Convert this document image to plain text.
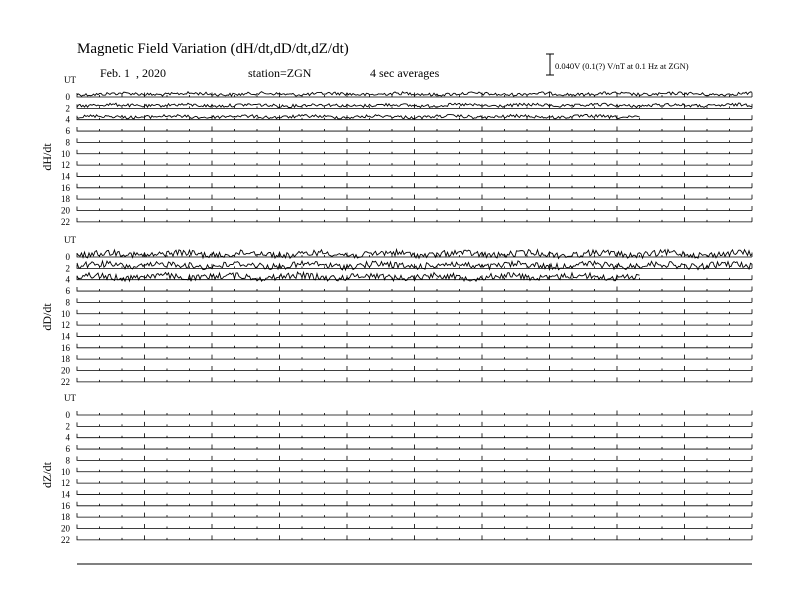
Magnetic Field Variation (dH/dt,dD/dt,dZ/dt)
Feb. 1  , 2020	station=ZGN	4 sec averages	0.040V (0.1(?) V/nT at 0.1 Hz at ZGN)
UT
dH/dt
0
2
4
6
8
10
12
14
16
18
20
22
UT
dD/dt
0
2
4
6
8
10
12
14
16
18
20
22
UT
dZ/dt
0
2
4
6
8
10
12
14
16
18
20
22
